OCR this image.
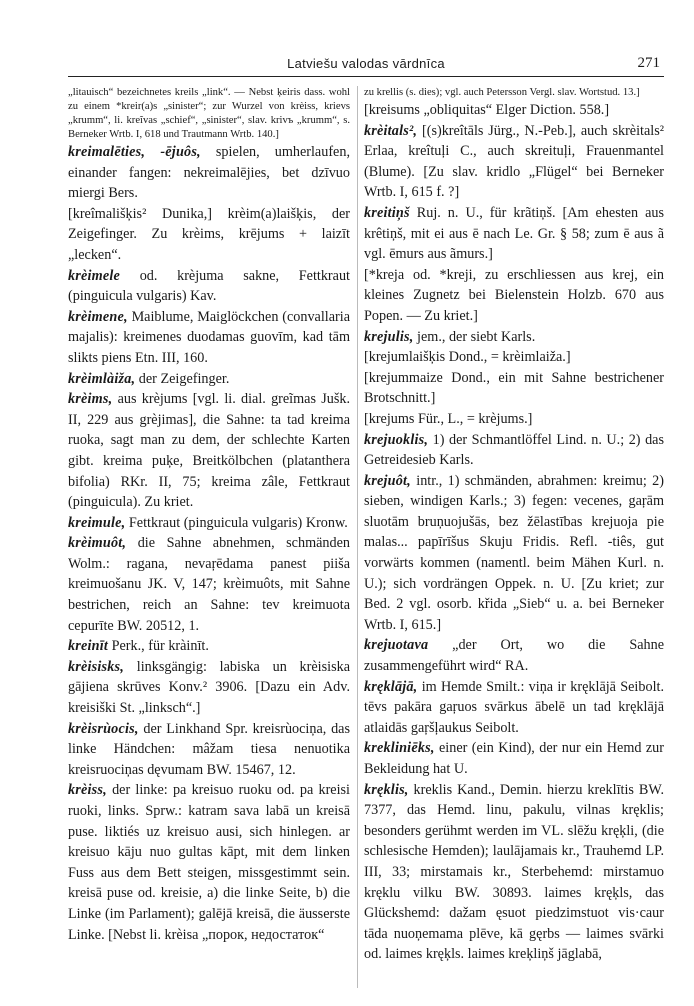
Latviešu valodas vārdnīca	271

„litauisch“ bezeichnetes kreils „link“. — Nebst ķeiris dass. wohl zu einem *kreir(a)s „sinister“; zur Wurzel von krèiss, krievs „krumm“, li. kreĩvas „schief“, „sinister“, slav. krivъ „krumm“, s. Berneker Wrtb. I, 618 und Trautmann Wrtb. 140.]

kreimalēties, -ējuôs, spielen, umherlaufen, einander fangen: nekreimalējies, bet dzīvuo miergi Bers.

[kreîmališķis² Dunika,] krèim(a)laišķis, der Zeigefinger. Zu krèims, krējums + laizīt „lecken“.

krèimele od. krèjuma sakne, Fettkraut (pinguicula vulgaris) Kav.

krèimene, Maiblume, Maiglöckchen (convallaria majalis): kreimenes duodamas guovīm, kad tām slikts piens Etn. III, 160.

krèimlàiža, der Zeigefinger.

krèims, aus krèjums [vgl. li. dial. greĩmas Jušk. II, 229 aus grèjimas], die Sahne: ta tad kreima ruoka, sagt man zu dem, der schlechte Karten gibt. kreima puķe, Breitkölbchen (platanthera bifolia) RKr. II, 75; kreima zâle, Fettkraut (pinguicula). Zu kriet.

kreimule, Fettkraut (pinguicula vulgaris) Kronw.

krèimuôt, die Sahne abnehmen, schmänden Wolm.: ragana, nevaŗēdama panest piiša kreimuošanu JK. V, 147; krèimuôts, mit Sahne bestrichen, reich an Sahne: tev kreimuota cepurīte BW. 20512, 1.

kreinīt Perk., für kràinīt.

krèisisks, linksgängig: labiska un krèisiska gājiena skrūves Konv.² 3906. [Dazu ein Adv. kreisiški St. „linksch“.]

krèisrùocis, der Linkhand Spr. kreisrùociņa, das linke Händchen: mâžam tiesa nenuotika kreisruociņas dęvumam BW. 15467, 12.

krèiss, der linke: pa kreisuo ruoku od. pa kreisi ruoki, links. Sprw.: katram sava labā un kreisā puse. liktiés uz kreisuo ausi, sich hinlegen. ar kreisuo kāju nuo gultas kāpt, mit dem linken Fuss aus dem Bett steigen, missgestimmt sein. kreisā puse od. kreisie, a) die linke Seite, b) die Linke (im Parlament); galējā kreisā, die äusserste Linke. [Nebst li. krèisa „порок, недостаток“

zu krellis (s. dies); vgl. auch Petersson Vergl. slav. Wortstud. 13.]

[kreisums „obliquitas“ Elger Diction. 558.]

krèitals², [(s)kreîtāls Jürg., N.-Peb.], auch skrèitals² Erlaa, kreîtuļi C., auch skreituļi, Frauenmantel (Blume). [Zu slav. kridlo „Flügel“ bei Berneker Wrtb. I, 615 f. ?]

kreitiņš Ruj. n. U., für krãtiņš. [Am ehesten aus krêtiņš, mit ei aus ē nach Le. Gr. § 58; zum ē aus ã vgl. ēmurs aus ãmurs.]

[*kreja od. *kreji, zu erschliessen aus krej, ein kleines Zugnetz bei Bielenstein Holzb. 670 aus Popen. — Zu kriet.]

krejulis, jem., der siebt Karls.

[krejumlaišķis Dond., = krèimlaiža.]

[krejummaize Dond., ein mit Sahne bestrichener Brotschnitt.]

[krejums Für., L., = krèjums.]

krejuoklis, 1) der Schmantlöffel Lind. n. U.; 2) das Getreidesieb Karls.

krejuôt, intr., 1) schmänden, abrahmen: kreimu; 2) sieben, windigen Karls.; 3) fegen: vecenes, gaŗām sluotām bruņuojušās, bez žēlastības krejuoja pie malas... papīrīšus Skuju Fridis. Refl. -tiês, gut vorwärts kommen (namentl. beim Mähen Kurl. n. U.); sich vordrängen Oppek. n. U. [Zu kriet; zur Bed. 2 vgl. osorb. křida „Sieb“ u. a. bei Berneker Wrtb. I, 615.]

krejuotava „der Ort, wo die Sahne zusammengeführt wird“ RA.

kręklājā, im Hemde Smilt.: viņa ir kręklājā Seibolt. tēvs pakāra gaŗuos svārkus ābelē un tad kręklājā atlaidās gaŗšļaukus Seibolt.

krekliniēks, einer (ein Kind), der nur ein Hemd zur Bekleidung hat U.

kręklis, kreklis Kand., Demin. hierzu kreklītis BW. 7377, das Hemd. linu, pakulu, vilnas kręklis; besonders gerühmt werden im VL. slēžu kręķli, (die schlesische Hemden); laulājamais kr., Trauhemd LP. III, 33; mirstamais kr., Sterbehemd: mirstamuo kręklu vilku BW. 30893. laimes kręķls, das Glückshemd: dažam ęsuot piedzimstuot vis·caur tāda nuoņemama plēve, kā gęrbs — laimes svārki od. laimes kręķls. laimes kreķliņš jāglabā,
